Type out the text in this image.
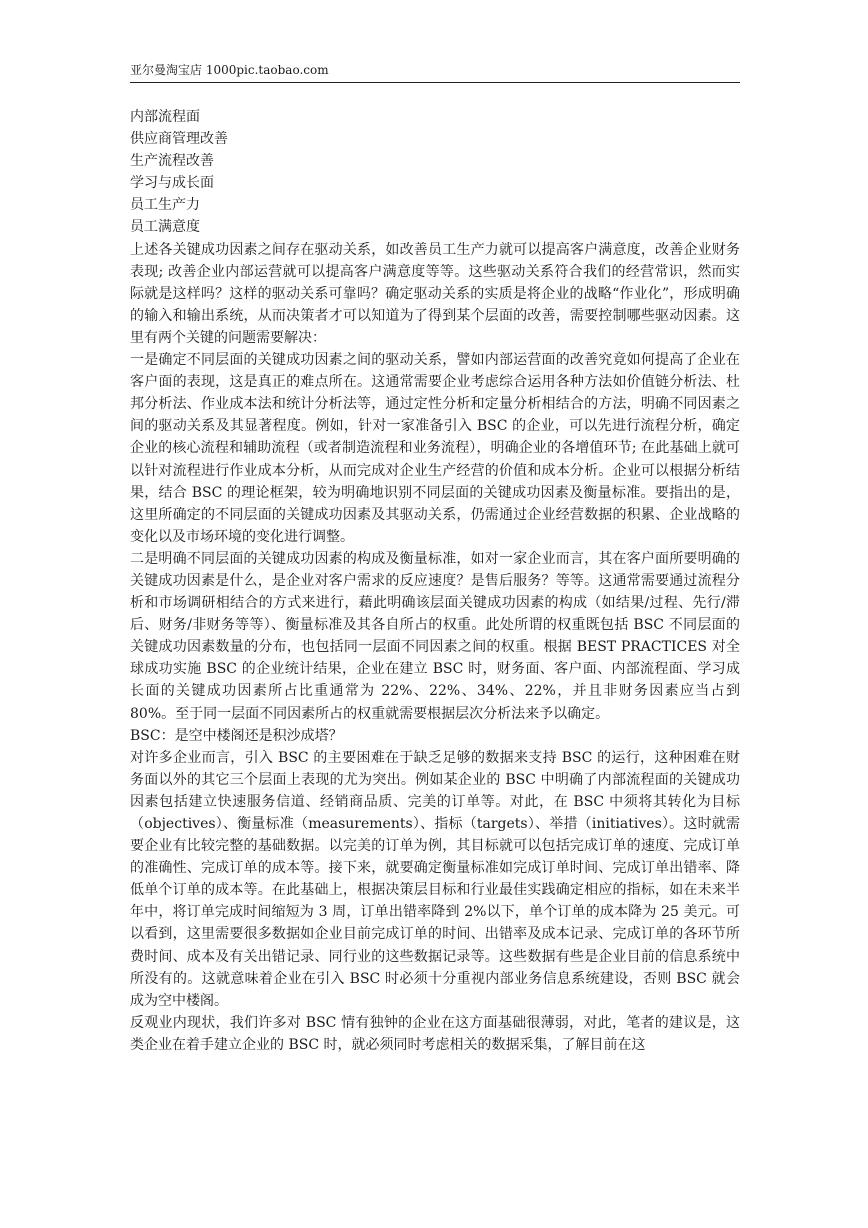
亚尔曼淘宝店 1000pic.taobao.com
内部流程面
供应商管理改善
生产流程改善
学习与成长面
员工生产力
员工满意度

上述各关键成功因素之间存在驱动关系，如改善员工生产力就可以提高客户满意度，改善企业财务表现; 改善企业内部运营就可以提高客户满意度等等。这些驱动关系符合我们的经营常识，然而实际就是这样吗？这样的驱动关系可靠吗？确定驱动关系的实质是将企业的战略“作业化”，形成明确的输入和输出系统，从而决策者才可以知道为了得到某个层面的改善，需要控制哪些驱动因素。这里有两个关键的问题需要解决：

一是确定不同层面的关键成功因素之间的驱动关系，譬如内部运营面的改善究竟如何提高了企业在客户面的表现，这是真正的难点所在。这通常需要企业考虑综合运用各种方法如价值链分析法、杜邦分析法、作业成本法和统计分析法等，通过定性分析和定量分析相结合的方法，明确不同因素之间的驱动关系及其显著程度。例如，针对一家准备引入 BSC 的企业，可以先进行流程分析，确定企业的核心流程和辅助流程（或者制造流程和业务流程），明确企业的各增值环节; 在此基础上就可以针对流程进行作业成本分析，从而完成对企业生产经营的价值和成本分析。企业可以根据分析结果，结合 BSC 的理论框架，较为明确地识别不同层面的关键成功因素及衡量标准。要指出的是，这里所确定的不同层面的关键成功因素及其驱动关系，仍需通过企业经营数据的积累、企业战略的变化以及市场环境的变化进行调整。

二是明确不同层面的关键成功因素的构成及衡量标准，如对一家企业而言，其在客户面所要明确的关键成功因素是什么，是企业对客户需求的反应速度？是售后服务？等等。这通常需要通过流程分析和市场调研相结合的方式来进行，藉此明确该层面关键成功因素的构成（如结果/过程、先行/滞后、财务/非财务等等）、衡量标准及其各自所占的权重。此处所谓的权重既包括 BSC 不同层面的关键成功因素数量的分布，也包括同一层面不同因素之间的权重。根据 BEST PRACTICES 对全球成功实施 BSC 的企业统计结果，企业在建立 BSC 时，财务面、客户面、内部流程面、学习成长面的关键成功因素所占比重通常为 22%、22%、34%、22%，并且非财务因素应当占到 80%。至于同一层面不同因素所占的权重就需要根据层次分析法来予以确定。

BSC：是空中楼阁还是积沙成塔？

对许多企业而言，引入 BSC 的主要困难在于缺乏足够的数据来支持 BSC 的运行，这种困难在财务面以外的其它三个层面上表现的尤为突出。例如某企业的 BSC 中明确了内部流程面的关键成功因素包括建立快速服务信道、经销商品质、完美的订单等。对此，在 BSC 中须将其转化为目标（objectives）、衡量标准（measurements）、指标（targets）、举措（initiatives）。这时就需要企业有比较完整的基础数据。以完美的订单为例，其目标就可以包括完成订单的速度、完成订单的准确性、完成订单的成本等。接下来，就要确定衡量标准如完成订单时间、完成订单出错率、降低单个订单的成本等。在此基础上，根据决策层目标和行业最佳实践确定相应的指标，如在未来半年中，将订单完成时间缩短为 3 周，订单出错率降到 2%以下，单个订单的成本降为 25 美元。可以看到，这里需要很多数据如企业目前完成订单的时间、出错率及成本记录、完成订单的各环节所费时间、成本及有关出错记录、同行业的这些数据记录等。这些数据有些是企业目前的信息系统中所没有的。这就意味着企业在引入 BSC 时必须十分重视内部业务信息系统建设，否则 BSC 就会成为空中楼阁。

反观业内现状，我们许多对 BSC 情有独钟的企业在这方面基础很薄弱，对此，笔者的建议是，这类企业在着手建立企业的 BSC 时，就必须同时考虑相关的数据采集，了解目前在这
